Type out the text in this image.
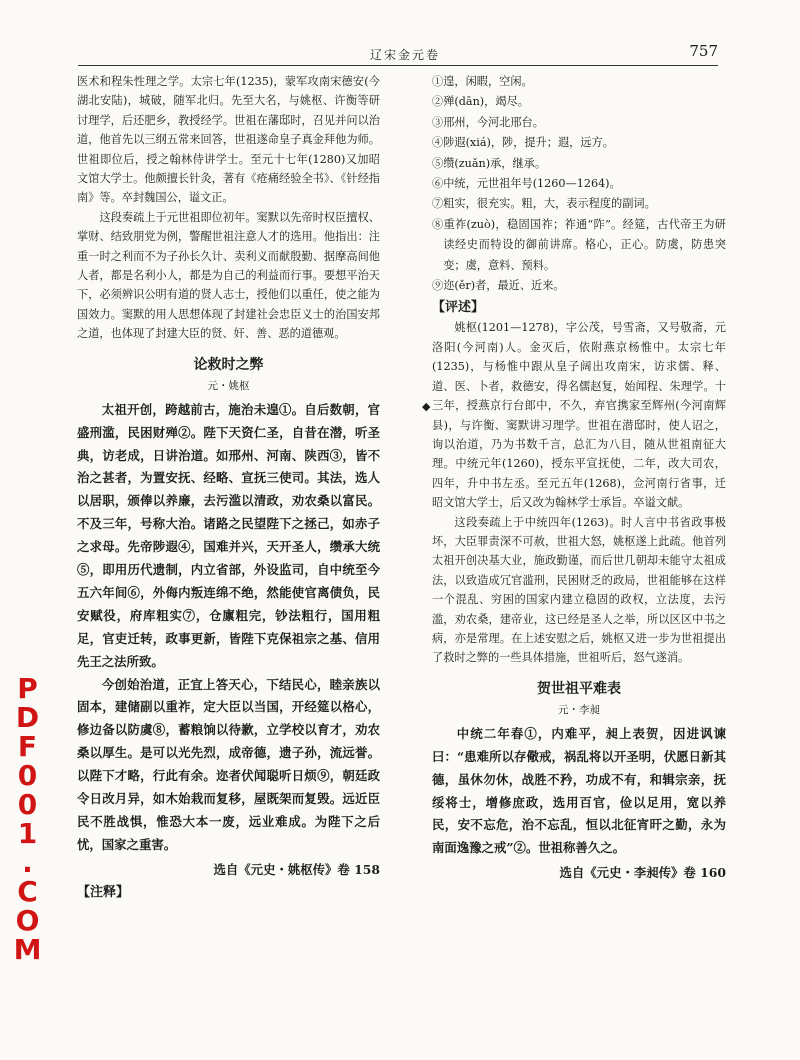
辽宋金元卷	757

医术和程朱性理之学。太宗七年(1235)，蒙军攻南宋德安(今湖北安陆)，城破，随军北归。先至大名，与姚枢、许衡等研讨理学，后还肥乡，教授经学。世祖在藩邸时，召见并问以治道，他首先以三纲五常来回答，世祖遂命皇子真金拜他为师。世祖即位后，授之翰林侍讲学士。至元十七年(1280)又加昭文馆大学士。他颇擅长针灸，著有《疮痛经验全书》、《针经指南》等。卒封魏国公，谥文正。

这段奏疏上于元世祖即位初年。窦默以先帝时权臣擅权、掌财、结致朋党为例，警醒世祖注意人才的选用。他指出：注重一时之利而不为子孙长久计、卖利义而献殷勤、据摩高间他人者，都是名利小人，都是为自己的利益而行事。要想平治天下，必须辨识公明有道的贤人志士，授他们以重任，使之能为国效力。窦默的用人思想体现了封建社会忠臣义士的治国安邦之道，也体现了封建大臣的贤、奸、善、恶的道德观。

论救时之弊
元・姚枢

太祖开创，跨越前古，施治未遑①。自后数朝，官盛刑滥，民困财殚②。陛下天资仁圣，自昔在潜，听圣典，访老成，日讲治道。如邢州、河南、陕西③，皆不治之甚者，为置安抚、经略、宣抚三使司。其法，选人以居职，颁俸以养廉，去污滥以清政，劝农桑以富民。不及三年，号称大治。诸路之民望陛下之拯己，如赤子之求母。先帝陟遐④，国难并兴，天开圣人，缵承大统⑤，即用历代遗制，内立省部，外设监司，自中统至今五六年间⑥，外侮内叛连绵不绝，然能使官离债负，民安赋役，府库粗实⑦，仓廪粗完，钞法粗行，国用粗足，官吏迁转，政事更新，皆陛下克保祖宗之基、信用先王之法所致。

今创始治道，正宜上答天心，下结民心，睦亲族以固本，建储副以重祚，定大臣以当国，开经筵以格心，修边备以防虞⑧，蓄粮饷以待歉，立学校以育才，劝农桑以厚生。是可以光先烈，成帝德，遗子孙，流远誉。以陛下才略，行此有余。迩者伏闻聪听日烦⑨，朝廷政令日改月异，如木始栽而复移，屋既架而复毁。远近臣民不胜战惧，惟恐大本一废，远业难成。为陛下之后忧，国家之重害。

选自《元史・姚枢传》卷 158
【注释】

①遑，闲暇，空闲。

②殚(dān)，竭尽。

③邢州，今河北邢台。

④陟遐(xiá)，陟，提升；遐，远方。

⑤缵(zuǎn)承，继承。

⑥中统，元世祖年号(1260—1264)。

⑦粗实，很充实。粗，大，表示程度的副词。

⑧重祚(zuò)，稳固国祚；祚通“阼”。经筵，古代帝王为研读经史而特设的御前讲席。格心，正心。防虞，防患突变；虞，意料、预料。

⑨迩(ěr)者，最近、近来。

【评述】

姚枢(1201—1278)，字公茂，号雪斋，又号敬斋，元洛阳(今河南)人。金灭后，依附燕京杨惟中。太宗七年(1235)，与杨惟中跟从皇子阔出攻南宋，访求儒、释、道、医、卜者，救德安，得名儒赵复，始闻程、朱理学。十三年，授燕京行台郎中，不久，弃官携家至辉州(今河南辉县)，与许衡、窦默讲习理学。世祖在潜邸时，使人诏之，询以治道，乃为书数千言，总汇为八目，随从世祖南征大理。中统元年(1260)，授东平宣抚使，二年，改大司农，四年，升中书左丞。至元五年(1268)，佥河南行省事，迁昭文馆大学士，后又改为翰林学士承旨。卒谥文献。

这段奏疏上于中统四年(1263)。时人言中书省政事极坏，大臣罪责深不可赦，世祖大怒，姚枢遂上此疏。他首列太祖开创决基大业，施政勤谨，而后世几朝却未能守太祖成法，以致造成冗官滥刑，民困财乏的政局，世祖能够在这样一个混乱、穷困的国家内建立稳固的政权，立法度，去污滥，劝农桑，建帝业，这已经是圣人之举，所以区区中书之病，亦是常理。在上述安慰之后，姚枢又进一步为世祖提出了救时之弊的一些具体措施，世祖听后，怒气遂消。

贺世祖平难表
元・李昶

中统二年春①，内难平，昶上表贺，因进讽谏曰：“患难所以存儆戒，祸乱将以开圣明，伏愿日新其德，虽休勿休，战胜不矜，功成不有，和辑宗亲，抚绥将士，增修庶政，选用百官，俭以足用，宽以养民，安不忘危，治不忘乱，恒以北征宵旰之勤，永为南面逸豫之戒”②。世祖称善久之。

选自《元史・李昶传》卷 160
◆
PDF001.COM
